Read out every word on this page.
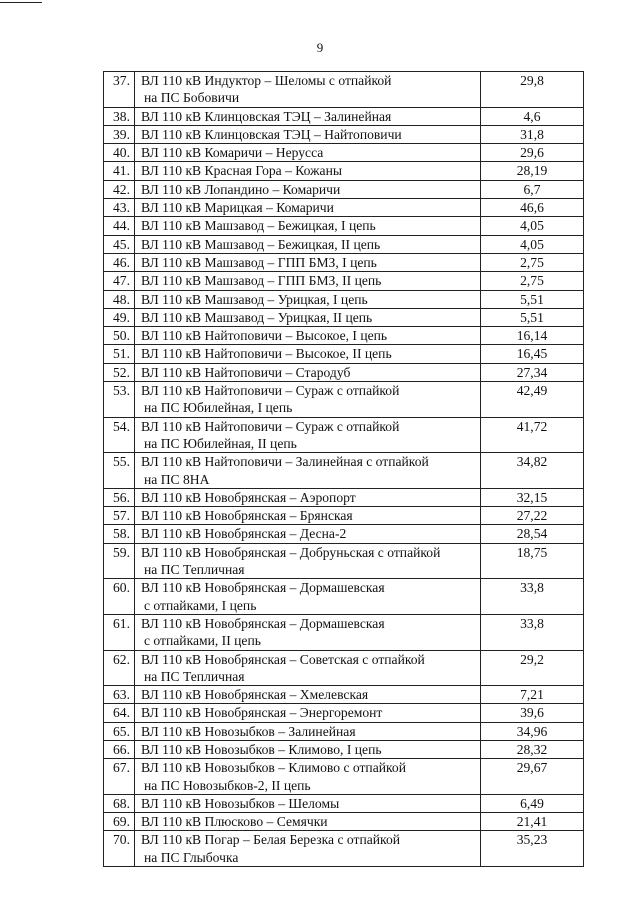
9
37.	ВЛ 110 кВ Индуктор – Шеломы с отпайкой
на ПС Бобовичи	29,8
38.	ВЛ 110 кВ Клинцовская ТЭЦ – Залинейная	4,6
39.	ВЛ 110 кВ Клинцовская ТЭЦ – Найтоповичи	31,8
40.	ВЛ 110 кВ Комаричи – Нерусса	29,6
41.	ВЛ 110 кВ Красная Гора – Кожаны	28,19
42.	ВЛ 110 кВ Лопандино – Комаричи	6,7
43.	ВЛ 110 кВ Марицкая – Комаричи	46,6
44.	ВЛ 110 кВ Машзавод – Бежицкая, I цепь	4,05
45.	ВЛ 110 кВ Машзавод – Бежицкая, II цепь	4,05
46.	ВЛ 110 кВ Машзавод – ГПП БМЗ, I цепь	2,75
47.	ВЛ 110 кВ Машзавод – ГПП БМЗ, II цепь	2,75
48.	ВЛ 110 кВ Машзавод – Урицкая, I цепь	5,51
49.	ВЛ 110 кВ Машзавод – Урицкая, II цепь	5,51
50.	ВЛ 110 кВ Найтоповичи – Высокое, I цепь	16,14
51.	ВЛ 110 кВ Найтоповичи – Высокое, II цепь	16,45
52.	ВЛ 110 кВ Найтоповичи – Стародуб	27,34
53.	ВЛ 110 кВ Найтоповичи – Сураж с отпайкой
на ПС Юбилейная, I цепь	42,49
54.	ВЛ 110 кВ Найтоповичи – Сураж с отпайкой
на ПС Юбилейная, II цепь	41,72
55.	ВЛ 110 кВ Найтоповичи – Залинейная с отпайкой
на ПС 8НА	34,82
56.	ВЛ 110 кВ Новобрянская – Аэропорт	32,15
57.	ВЛ 110 кВ Новобрянская – Брянская	27,22
58.	ВЛ 110 кВ Новобрянская – Десна-2	28,54
59.	ВЛ 110 кВ Новобрянская – Добруньская с отпайкой
на ПС Тепличная	18,75
60.	ВЛ 110 кВ Новобрянская – Дормашевская
с отпайками, I цепь	33,8
61.	ВЛ 110 кВ Новобрянская – Дормашевская
с отпайками, II цепь	33,8
62.	ВЛ 110 кВ Новобрянская – Советская с отпайкой
на ПС Тепличная	29,2
63.	ВЛ 110 кВ Новобрянская – Хмелевская	7,21
64.	ВЛ 110 кВ Новобрянская – Энергоремонт	39,6
65.	ВЛ 110 кВ Новозыбков – Залинейная	34,96
66.	ВЛ 110 кВ Новозыбков – Климово, I цепь	28,32
67.	ВЛ 110 кВ Новозыбков – Климово с отпайкой
на ПС Новозыбков-2, II цепь	29,67
68.	ВЛ 110 кВ Новозыбков – Шеломы	6,49
69.	ВЛ 110 кВ Плюсково – Семячки	21,41
70.	ВЛ 110 кВ Погар – Белая Березка с отпайкой
на ПС Глыбочка	35,23
